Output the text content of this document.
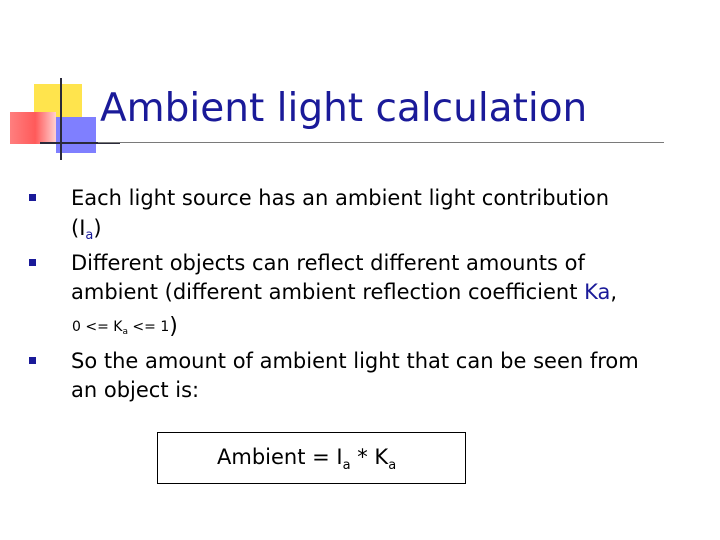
Ambient light calculation
Each light source has an ambient light contribution
$(I_a)$
Different objects can reflect different amounts of
ambient (different ambient reflection coefficient Ka,
$0 <= K_a <= 1$)
So the amount of ambient light that can be seen from
an object is:
Ambient = $I_a * K_a$
